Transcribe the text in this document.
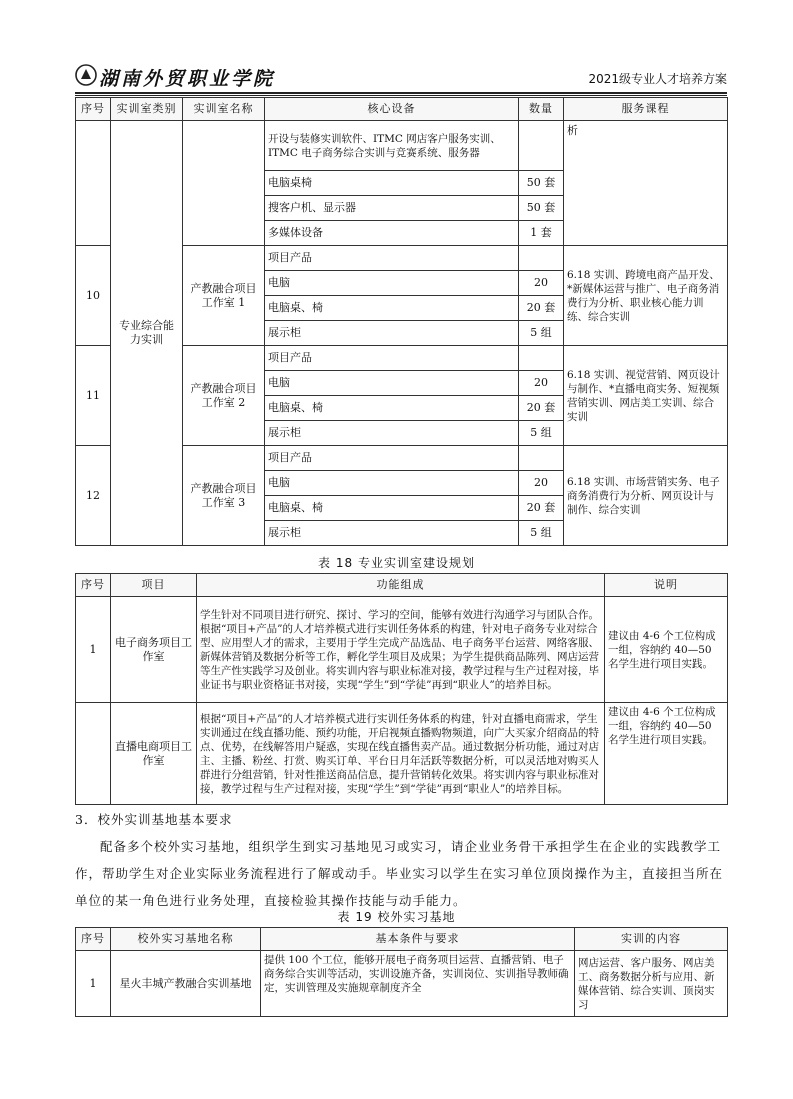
湖南外贸职业学院	2021级专业人才培养方案
序号	实训室类别	实训室名称	核心设备	数量	服务课程
	专业综合能力实训		开设与装修实训软件、ITMC 网店客户服务实训、ITMC 电子商务综合实训与竞赛系统、服务器		析
			电脑桌椅	50 套	
			搜客户机、显示器	50 套	
			多媒体设备	1 套	
10		产教融合项目工作室 1	项目产品		6.18 实训、跨境电商产品开发、*新媒体运营与推广、电子商务消费行为分析、职业核心能力训练、综合实训
			电脑	20	
			电脑桌、椅	20 套	
			展示柜	5 组	
11		产教融合项目工作室 2	项目产品		6.18 实训、视觉营销、网页设计与制作、*直播电商实务、短视频营销实训、网店美工实训、综合实训
			电脑	20	
			电脑桌、椅	20 套	
			展示柜	5 组	
12		产教融合项目工作室 3	项目产品		6.18 实训、市场营销实务、电子商务消费行为分析、网页设计与制作、综合实训
			电脑	20	
			电脑桌、椅	20 套	
			展示柜	5 组	
表 18 专业实训室建设规划
序号	项目	功能组成	说明
1	电子商务项目工作室	学生针对不同项目进行研究、探讨、学习的空间，能够有效进行沟通学习与团队合作。根据“项目+产品”的人才培养模式进行实训任务体系的构建，针对电子商务专业对综合型、应用型人才的需求，主要用于学生完成产品选品、电子商务平台运营、网络客服、新媒体营销及数据分析等工作，孵化学生项目及成果；为学生提供商品陈列、网店运营等生产性实践学习及创业。将实训内容与职业标准对接，教学过程与生产过程对接，毕业证书与职业资格证书对接，实现“学生”到“学徒”再到“职业人”的培养目标。	建议由 4-6 个工位构成一组，容纳约 40—50 名学生进行项目实践。
	直播电商项目工作室	根据“项目+产品”的人才培养模式进行实训任务体系的构建，针对直播电商需求，学生实训通过在线直播功能、预约功能，开启视频直播购物频道，向广大买家介绍商品的特点、优势，在线解答用户疑惑，实现在线直播售卖产品。通过数据分析功能，通过对店主、主播、粉丝、打赏、购买订单、平台日月年活跃等数据分析，可以灵活地对购买人群进行分组营销，针对性推送商品信息，提升营销转化效果。将实训内容与职业标准对接，教学过程与生产过程对接，实现“学生”到“学徒”再到“职业人”的培养目标。	建议由 4-6 个工位构成一组，容纳约 40—50 名学生进行项目实践。
3．校外实训基地基本要求
配备多个校外实习基地，组织学生到实习基地见习或实习，请企业业务骨干承担学生在企业的实践教学工作，帮助学生对企业实际业务流程进行了解或动手。毕业实习以学生在实习单位顶岗操作为主，直接担当所在单位的某一角色进行业务处理，直接检验其操作技能与动手能力。
表 19 校外实习基地
序号	校外实习基地名称	基本条件与要求	实训的内容
1	星火丰城产教融合实训基地	提供 100 个工位，能够开展电子商务项目运营、直播营销、电子商务综合实训等活动，实训设施齐备，实训岗位、实训指导教师确定，实训管理及实施规章制度齐全	网店运营、客户服务、网店美工、商务数据分析与应用、新媒体营销、综合实训、顶岗实习
